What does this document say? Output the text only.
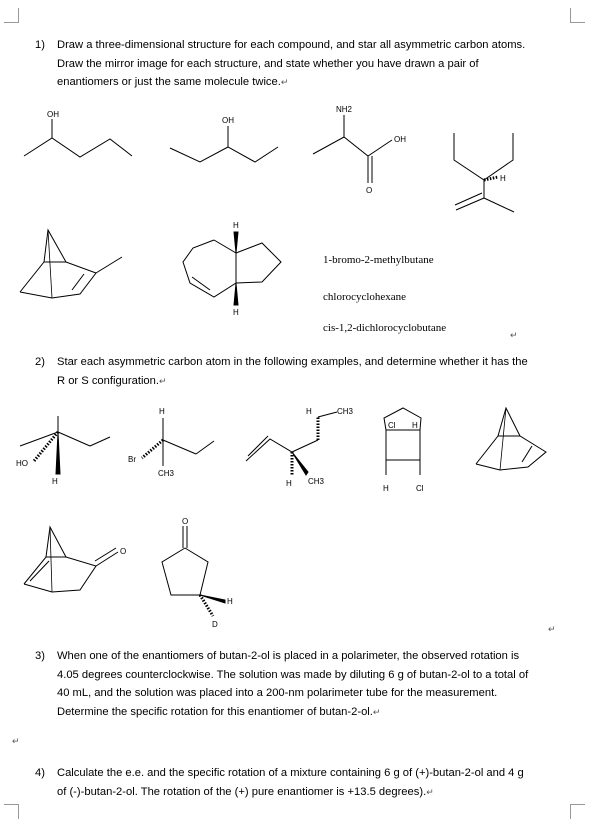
1) Draw a three-dimensional structure for each compound, and star all asymmetric carbon atoms.
Draw the mirror image for each structure, and state whether you have drawn a pair of
enantiomers or just the same molecule twice.↵
2) Star each asymmetric carbon atom in the following examples, and determine whether it has the
R or S configuration.↵
3) When one of the enantiomers of butan-2-ol is placed in a polarimeter, the observed rotation is
4.05 degrees counterclockwise. The solution was made by diluting 6 g of butan-2-ol to a total of
40 mL, and the solution was placed into a 200-nm polarimeter tube for the measurement.
Determine the specific rotation for this enantiomer of butan-2-ol.↵
4) Calculate the e.e. and the specific rotation of a mixture containing 6 g of (+)-butan-2-ol and 4 g
of (-)-butan-2-ol. The rotation of the (+) pure enantiomer is +13.5 degrees).↵
1-bromo-2-methylbutane
chlorocyclohexane
cis-1,2-dichlorocyclobutane
↵
↵
↵
OH
OH
NH2
OH
O
H
H
H
HO
H
H
Br
CH3
H	CH3
H CH3
Cl H
H	Cl
O
O
H
D
